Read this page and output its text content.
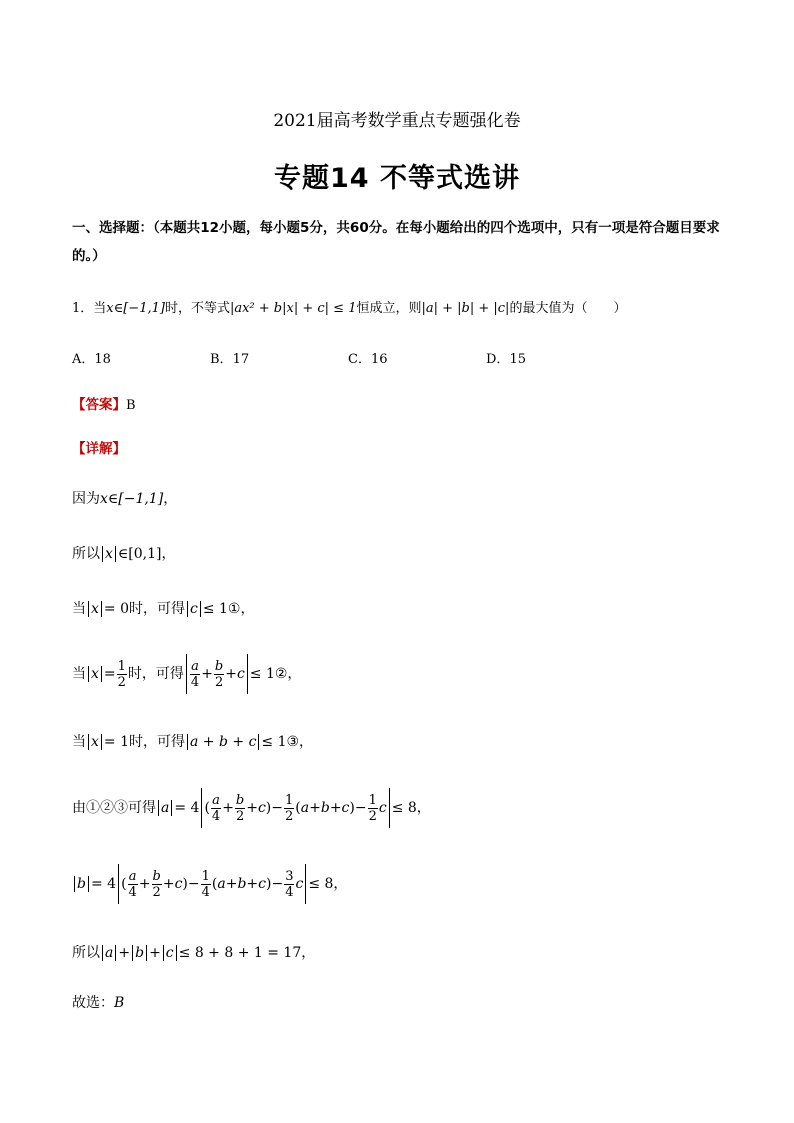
2021届高考数学重点专题强化卷
专题14 不等式选讲
一、选择题：（本题共12小题，每小题5分，共60分。在每小题给出的四个选项中，只有一项是符合题目要求的。）
1．当x∈[−1,1]时，不等式|ax² + b|x| + c| ≤ 1恒成立，则|a| + |b| + |c|的最大值为（　　）
A．18	B．17	C．16	D．15
【答案】B
【详解】
因为x∈[−1,1]，
所以 x ∈[0,1]，
当 x = 0时，可得 c ≤ 1①，
当 $x = \frac{1}{2}$ 时，可得 $\frac{a}{4} + \frac{b}{2} +c$ ≤ 1②，
当 x = 1时，可得 a + b + c ≤ 1③，
由①②③可得 a = 4 ( $\frac{a}{4} + \frac{b}{2} +c)- \frac{1}{2} (a+b+c)- \frac{1}{2}$ c ≤ 8，
b = 4 ( $\frac{a}{4} + \frac{b}{2} +c)- \frac{1}{4} (a+b+c)- \frac{3}{4}$ c ≤ 8，
所以 a + b + c ≤ 8 + 8 + 1 = 17，
故选：B
